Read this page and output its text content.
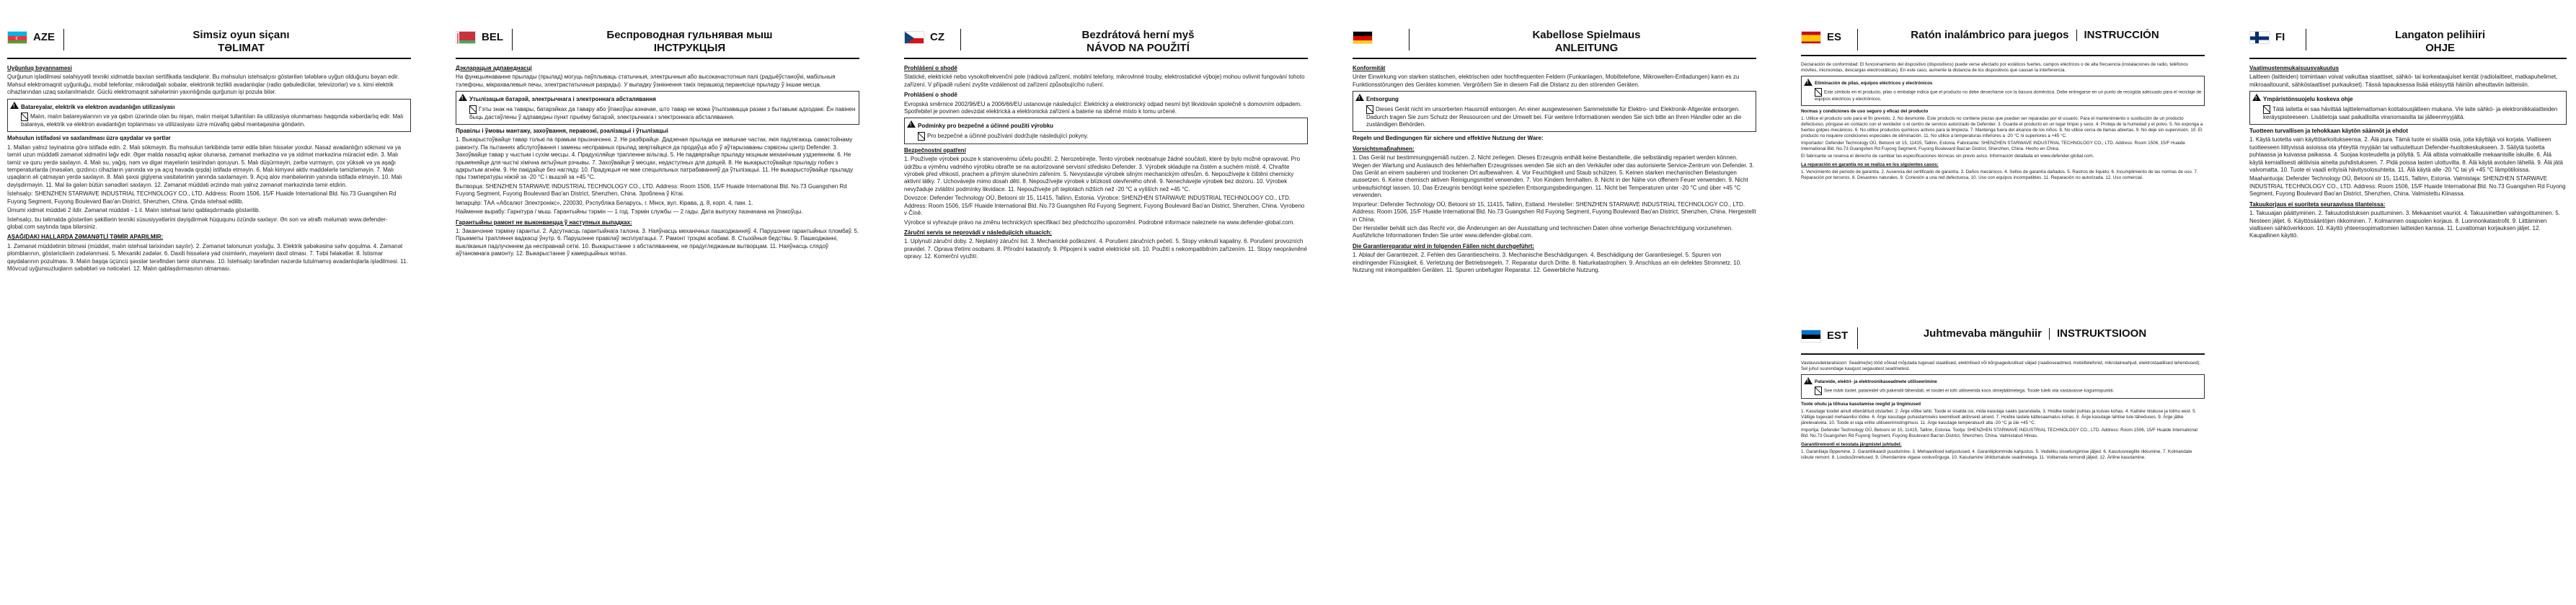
AZE	Simsiz oyun siçanı
TƏLIMAT

Uyğunluq bəyannaməsi

Qurğunun işlədilməsi səlahiyyətli texniki xidmətdə baxılan sertifikatla təsdiqlənir. Bu məhsulun istehsalçısı göstərilən tələblərə uyğun olduğunu bəyan edir. Məhsul elektromaqnit uyğunluğu, mobil telefonlar, mikrodalğalı sobalar, elektronik tezlikli avadanlıqlar (radio qəbuledicilər, televizorlar) və s. kimi elektrik cihazlarından uzaq saxlanılmalıdır. Güclü elektromaqnit sahələrinin yaxınlığında qurğunun işi pozula bilər.

!

Batareyalar, elektrik və elektron avadanlığın utilizasiyası

Malın, malın batareyalarının və ya qabın üzərində olan bu nişan, malın məişət tullantıları ilə utilizasiya olunmaması haqqında xəbərdarlıq edir. Malı batareya, elektrik və elektron avadanlığın toplanması və utilizasiyası üzrə müvafiq qəbul məntəqəsinə göndərin.

Məhsulun istifadəsi və saxlanılması üzrə qaydalar və şərtlər

1. Malları yalnız təyinatına görə istifadə edin. 2. Malı sökməyin. Bu məhsulun tərkibində təmir edilə bilən hissələr yoxdur. Nasaz avadanlığın sökməsi və ya təmiri uzun müddətli zəmanət xidmətini ləğv edir. Əgər malda nasazlıq aşkar olunarsa, zəmanət mərkəzinə və ya xidmət mərkəzinə müraciət edin. 3. Malı təmiz və quru yerdə saxlayın. 4. Malı su, yağış, nəm və digər mayelərin təsirindən qoruyun. 5. Malı düşürməyin, zərbə vurmayın, çox yüksək və ya aşağı temperaturlarda (məsələn, qızdırıcı cihazların yanında və ya açıq havada qışda) istifadə etməyin. 6. Malı kimyəvi aktiv maddələrlə təmizləməyin. 7. Malı uşaqların əli çatmayan yerdə saxlayın. 8. Malı şəxsi gigiyena vasitələrinin yanında saxlamayın. 9. Açıq alov mənbələrinin yanında istifadə etməyin. 10. Malı dəyişdirməyin. 11. Mal ilə gələn bütün sənədləri saxlayın. 12. Zəmanət müddəti ərzində malı yalnız zəmanət mərkəzində təmir etdirin.

İstehsalçı: SHENZHEN STARWAVE INDUSTRIAL TECHNOLOGY CO., LTD. Address: Room 1506, 15/F Huaide International Bld. No.73 Guangshen Rd Fuyong Segment, Fuyong Boulevard Bao'an District, Shenzhen, China. Çinda istehsal edilib.

Ümumi xidmət müddəti 2 ildir. Zəmanət müddəti - 1 il. Malın istehsal tarixi qablaşdırmada göstərilib.

İstehsalçı, bu təlimatda göstərilən şəkillərin texniki xüsusiyyətlərini dəyişdirmək hüququnu özündə saxlayır. Ən son və ətraflı məlumatı www.defender-global.com saytında tapa bilərsiniz.

AŞAĞIDAKI HALLARDA ZƏMANƏTLİ TƏMİR APARILMIR:

1. Zəmanət müddətinin bitməsi (müddət, malın istehsal tarixindən sayılır). 2. Zəmanət talonunun yoxluğu. 3. Elektrik şəbəkəsinə səhv qoşulma. 4. Zəmanət plomblarının, göstəricilərin zədələnməsi. 5. Mexaniki zədələr. 6. Daxili hissələrə yad cisimlərin, mayelərin daxil olması. 7. Təbii fəlakətlər. 8. İstismar qaydalarının pozulması. 9. Malın başqa üçüncü şəxslər tərəfindən təmir olunması. 10. İstehsalçı tərəfindən nəzərdə tutulmamış avadanlıqlarla işlədilməsi. 11. Mövcud uyğunsuzluqların səbəbləri və nəticələri. 12. Malın qablaşdırmasının olmaması.

BEL	Беспроводная гульнявая мыш
ІНСТРУКЦЫЯ

Дэкларацыя адпаведнасці

На функцыянаванне прылады (прылад) могуць паўплываць статычныя, электрычныя або высокачастотныя палі (радыёўстаноўкі, мабільныя тэлефоны, мікрахвалевыя печы, электрастатычныя разрады). У выпадку ўзнікнення такіх перашкод перанясіце прыладу ў іншае месца.

!

Утылізацыя батарэй, электрычнага і электроннага абсталявання

Гэты знак на тавары, батарэйках да тавару або ўпакоўцы азначае, што тавар не можа ўтылізавацца разам з бытавымі адходамі. Ён павінен быць дастаўлены ў адпаведны пункт прыёму батарэй, электрычнага і электроннага абсталявання.

Правілы і ўмовы мантажу, захоўвання, перавозкі, рэалізацыі і ўтылізацыі

1. Выкарыстоўвайце тавар толькі па прамым прызначэнні. 2. Не разбірайце. Дадзеная прылада не змяшчае частак, якія падлягаюць самастойнаму рамонту. Па пытаннях абслугоўвання і замены несправных прылад звяртайцеся да продаўца або ў аўтарызаваны сэрвісны цэнтр Defender. 3. Захоўвайце тавар у чыстым і сухім месцы. 4. Прадухіляйце трапленне вільгаці. 5. Не падвяргайце прыладу моцным механічным уздзеянням. 6. Не прымяняйце для чысткі хімічна актыўныя рэчывы. 7. Захоўвайце ў месцах, недаступных для дзяцей. 8. Не выкарыстоўвайце прыладу побач з адкрытым агнём. 9. Не пакідайце без нагляду. 10. Прадукцыя не мае спецыяльных патрабаванняў да ўтылізацыі. 11. Не выкарыстоўвайце прыладу пры тэмпературы ніжэй за -20 °C і вышэй за +45 °C.

Вытворца: SHENZHEN STARWAVE INDUSTRIAL TECHNOLOGY CO., LTD. Address: Room 1506, 15/F Huaide International Bld. No.73 Guangshen Rd Fuyong Segment, Fuyong Boulevard Bao'an District, Shenzhen, China. Зроблена ў Кітаі.

Імпарцёр: ТАА «Абсалют Электронікс», 220030, Рэспубліка Беларусь, г. Мінск, вул. Кірава, д. 8, корп. 4, пам. 1.

Найменне вырабу: Гарнітура / мыш. Гарантыйны тэрмін — 1 год. Тэрмін службы — 2 гады. Дата выпуску пазначана на ўпакоўцы.

Гарантыйны рамонт не выконваецца ў наступных выпадках:

1. Заканчэнне тэрміну гарантыі. 2. Адсутнасць гарантыйнага талона. 3. Наяўнасць механічных пашкоджанняў. 4. Парушэнне гарантыйных пломбаў. 5. Прыкметы трапляння вадкасці ўнутр. 6. Парушэнне правілаў эксплуатацыі. 7. Рамонт трэцімі асобамі. 8. Стыхійныя бедствы. 9. Пашкоджанні, выкліканыя падлучэннем да несправнай сеткі. 10. Выкарыстанне з абсталяваннем, не прадугледжаным вытворцам. 11. Наяўнасць слядоў аўтаномнага рамонту. 12. Выкарыстанне ў камерцыйных мэтах.

CZ	Bezdrátová herní myš
NÁVOD NA POUŽITÍ

Prohlášení o shodě

Statické, elektrické nebo vysokofrekvenční pole (rádiová zařízení, mobilní telefony, mikrovlnné trouby, elektrostatické výboje) mohou ovlivnit fungování tohoto zařízení. V případě rušení zvyšte vzdálenost od zařízení způsobujícího rušení.

Prohlášení o shodě

Evropská směrnice 2002/96/EU a 2006/66/EU ustanovuje následující: Elektrický a elektronický odpad nesmí být likvidován společně s domovním odpadem. Spotřebitel je povinen odevzdat elektrická a elektronická zařízení a baterie na sběrné místo k tomu určené.

!

Podmínky pro bezpečné a účinné použití výrobku

Pro bezpečné a účinné používání dodržujte následující pokyny.

Bezpečnostní opatření

1. Používejte výrobek pouze k stanovenému účelu použití. 2. Nerozebírejte. Tento výrobek neobsahuje žádné součásti, které by bylo možné opravovat. Pro údržbu a výměnu vadného výrobku obraťte se na autorizované servisní středisko Defender. 3. Výrobek skladujte na čistém a suchém místě. 4. Chraňte výrobek před vlhkostí, prachem a přímým slunečním zářením. 5. Nevystavujte výrobek silným mechanickým otřesům. 6. Nepoužívejte k čištění chemicky aktivní látky. 7. Uchovávejte mimo dosah dětí. 8. Nepoužívejte výrobek v blízkosti otevřeného ohně. 9. Nenechávejte výrobek bez dozoru. 10. Výrobek nevyžaduje zvláštní podmínky likvidace. 11. Nepoužívejte při teplotách nižších než -20 °C a vyšších než +45 °C.

Dovozce: Defender Technology OÜ, Betooni str 15, 11415, Tallinn, Estonia. Výrobce: SHENZHEN STARWAVE INDUSTRIAL TECHNOLOGY CO., LTD. Address: Room 1506, 15/F Huaide International Bld. No.73 Guangshen Rd Fuyong Segment, Fuyong Boulevard Bao'an District, Shenzhen, China. Vyrobeno v Číně.

Výrobce si vyhrazuje právo na změnu technických specifikací bez předchozího upozornění. Podrobné informace naleznete na www.defender-global.com.

Záruční servis se neprovádí v následujících situacích:

1. Uplynutí záruční doby. 2. Neplatný záruční list. 3. Mechanické poškození. 4. Porušení záručních pečetí. 5. Stopy vniknutí kapaliny. 6. Porušení provozních pravidel. 7. Oprava třetími osobami. 8. Přírodní katastrofy. 9. Připojení k vadné elektrické síti. 10. Použití s nekompatibilním zařízením. 11. Stopy neoprávněné opravy. 12. Komerční využití.

Kabellose Spielmaus
ANLEITUNG

Konformität

Unter Einwirkung von starken statischen, elektrischen oder hochfrequenten Feldern (Funkanlagen, Mobiltelefone, Mikrowellen-Entladungen) kann es zu Funktionsstörungen des Gerätes kommen. Vergrößern Sie in diesem Fall die Distanz zu den störenden Geräten.

!

Entsorgung

Dieses Gerät nicht im unsortierten Hausmüll entsorgen. An einer ausgewiesenen Sammelstelle für Elektro- und Elektronik-Altgeräte entsorgen. Dadurch tragen Sie zum Schutz der Ressourcen und der Umwelt bei. Für weitere Informationen wenden Sie sich bitte an Ihren Händler oder an die zuständigen Behörden.

Regeln und Bedingungen für sichere und effektive Nutzung der Ware:

Vorsichtsmaßnahmen:

1. Das Gerät nur bestimmungsgemäß nutzen. 2. Nicht zerlegen. Dieses Erzeugnis enthält keine Bestandteile, die selbständig repariert werden können. Wegen der Wartung und Austausch des fehlerhaften Erzeugnisses wenden Sie sich an den Verkäufer oder das autorisierte Service-Zentrum von Defender. 3. Das Gerät an einem sauberen und trockenen Ort aufbewahren. 4. Vor Feuchtigkeit und Staub schützen. 5. Keinen starken mechanischen Belastungen aussetzen. 6. Keine chemisch aktiven Reinigungsmittel verwenden. 7. Von Kindern fernhalten. 8. Nicht in der Nähe von offenem Feuer verwenden. 9. Nicht unbeaufsichtigt lassen. 10. Das Erzeugnis benötigt keine speziellen Entsorgungsbedingungen. 11. Nicht bei Temperaturen unter -20 °C und über +45 °C verwenden.

Importeur: Defender Technology OÜ, Betooni str 15, 11415, Tallinn, Estland. Hersteller: SHENZHEN STARWAVE INDUSTRIAL TECHNOLOGY CO., LTD. Address: Room 1506, 15/F Huaide International Bld. No.73 Guangshen Rd Fuyong Segment, Fuyong Boulevard Bao'an District, Shenzhen, China. Hergestellt in China.

Der Hersteller behält sich das Recht vor, die Änderungen an der Ausstattung und technischen Daten ohne vorherige Benachrichtigung vorzunehmen. Ausführliche Informationen finden Sie unter www.defender-global.com.

Die Garantiereparatur wird in folgenden Fällen nicht durchgeführt:

1. Ablauf der Garantiezeit. 2. Fehlen des Garantiescheins. 3. Mechanische Beschädigungen. 4. Beschädigung der Garantiesiegel. 5. Spuren von eindringender Flüssigkeit. 6. Verletzung der Betriebsregeln. 7. Reparatur durch Dritte. 8. Naturkatastrophen. 9. Anschluss an ein defektes Stromnetz. 10. Nutzung mit inkompatiblen Geräten. 11. Spuren unbefugter Reparatur. 12. Gewerbliche Nutzung.

ES	Ratón inalámbrico para juegos INSTRUCCIÓN

Declaración de conformidad: El funcionamiento del dispositivo (dispositivos) puede verse afectado por estáticos fuertes, campos eléctricos o de alta frecuencia (instalaciones de radio, teléfonos móviles, microondas, descargas electrostáticas). En este caso, aumente la distancia de los dispositivos que causan la interferencia.

!

Eliminación de pilas, equipos eléctricos y electrónicos

Este símbolo en el producto, pilas o embalaje indica que el producto no debe desecharse con la basura doméstica. Debe entregarse en un punto de recogida adecuado para el reciclaje de equipos eléctricos y electrónicos.

Normas y condiciones de uso seguro y eficaz del producto

1. Utilice el producto solo para el fin previsto. 2. No desmonte. Este producto no contiene piezas que puedan ser reparadas por el usuario. Para el mantenimiento o sustitución de un producto defectuoso, póngase en contacto con el vendedor o el centro de servicio autorizado de Defender. 3. Guarde el producto en un lugar limpio y seco. 4. Proteja de la humedad y el polvo. 5. No exponga a fuertes golpes mecánicos. 6. No utilice productos químicos activos para la limpieza. 7. Mantenga fuera del alcance de los niños. 8. No utilice cerca de llamas abiertas. 9. No deje sin supervisión. 10. El producto no requiere condiciones especiales de eliminación. 11. No utilice a temperaturas inferiores a -20 °C ni superiores a +45 °C.

Importador: Defender Technology OÜ, Betooni str 15, 11415, Tallinn, Estonia. Fabricante: SHENZHEN STARWAVE INDUSTRIAL TECHNOLOGY CO., LTD. Address: Room 1506, 15/F Huaide International Bld. No.73 Guangshen Rd Fuyong Segment, Fuyong Boulevard Bao'an District, Shenzhen, China. Hecho en China.

El fabricante se reserva el derecho de cambiar las especificaciones técnicas sin previo aviso. Información detallada en www.defender-global.com.

La reparación en garantía no se realiza en los siguientes casos:

1. Vencimiento del periodo de garantía. 2. Ausencia del certificado de garantía. 3. Daños mecánicos. 4. Sellos de garantía dañados. 5. Rastros de líquido. 6. Incumplimiento de las normas de uso. 7. Reparación por terceros. 8. Desastres naturales. 9. Conexión a una red defectuosa. 10. Uso con equipos incompatibles. 11. Reparación no autorizada. 12. Uso comercial.

EST	Juhtmevaba mänguhiir INSTRUKTSIOON

Vastavusdeklaratsioon: Seadme(te) tööd võivad mõjutada tugevad staatilised, elektrilised või kõrgsageduslikud väljad (raadioseadmed, mobiiltelefonid, mikrolaineahjud, elektrostaatilised lahendused). Sel juhul suurendage kaugust segavatest seadmetest.

!

Patareide, elektri- ja elektroonikaseadmete utiliseerimine

See märk tootel, patareidel või pakendil tähendab, et toodet ei tohi utiliseerida koos olmejäätmetega. Toode tuleb viia vastavasse kogumispunkti.

Toote ohutu ja tõhusa kasutamise reeglid ja tingimused

1. Kasutage toodet ainult ettenähtud otstarbel. 2. Ärge võtke lahti. Toode ei sisalda osi, mida kasutaja saaks parandada. 3. Hoidke toodet puhtas ja kuivas kohas. 4. Kaitske niiskuse ja tolmu eest. 5. Vältige tugevaid mehaanilisi lööke. 6. Ärge kasutage puhastamiseks keemiliselt aktiivseid aineid. 7. Hoidke lastele kättesaamatus kohas. 8. Ärge kasutage lahtise tule läheduses. 9. Ärge jätke järelevalveta. 10. Toode ei vaja erilisi utiliseerimistingimusi. 11. Ärge kasutage temperatuuril alla -20 °C ja üle +45 °C.

Importija: Defender Technology OÜ, Betooni str 15, 11415, Tallinn, Estonia. Tootja: SHENZHEN STARWAVE INDUSTRIAL TECHNOLOGY CO., LTD. Address: Room 1506, 15/F Huaide International Bld. No.73 Guangshen Rd Fuyong Segment, Fuyong Boulevard Bao'an District, Shenzhen, China. Valmistatud Hiinas.

Garantiiremonti ei teostata järgmistel juhtudel:

1. Garantiiaja lõppemine. 2. Garantiikaardi puudumine. 3. Mehaanilised kahjustused. 4. Garantiiplommide kahjustus. 5. Vedeliku sissetungimise jäljed. 6. Kasutusreeglite rikkumine. 7. Kolmandate isikute remont. 8. Loodusõnnetused. 9. Ühendamine vigase vooluvõrguga. 10. Kasutamine ühildumatute seadmetega. 11. Volitamata remondi jäljed. 12. Äriline kasutamine.

FI	Langaton pelihiiri
OHJE

Vaatimustenmukaisuusvakuutus

Laitteen (laitteiden) toimintaan voivat vaikuttaa staattiset, sähkö- tai korkeataajuiset kentät (radiolaitteet, matkapuhelimet, mikroaaltouunit, sähköstaattiset purkaukset). Tässä tapauksessa lisää etäisyyttä häiriön aiheuttaviin laitteisiin.

!

Ympäristönsuojelu koskeva ohje

Tätä laitetta ei saa hävittää lajittelemattoman kotitalousjätteen mukana. Vie laite sähkö- ja elektroniikkalaitteiden keräyspisteeseen. Lisätietoja saat paikallisilta viranomaisilta tai jälleenmyyjältä.

Tuotteen turvallisen ja tehokkaan käytön säännöt ja ehdot

1. Käytä tuotetta vain käyttötarkoitukseensa. 2. Älä pura. Tämä tuote ei sisällä osia, joita käyttäjä voi korjata. Vialliseen tuotteeseen liittyvissä asioissa ota yhteyttä myyjään tai valtuutettuun Defender-huoltokeskukseen. 3. Säilytä tuotetta puhtaassa ja kuivassa paikassa. 4. Suojaa kosteudelta ja pölyltä. 5. Älä altista voimakkaille mekaanisille iskuille. 6. Älä käytä kemiallisesti aktiivisia aineita puhdistukseen. 7. Pidä poissa lasten ulottuvilta. 8. Älä käytä avotulen lähellä. 9. Älä jätä valvomatta. 10. Tuote ei vaadi erityisiä hävitysolosuhteita. 11. Älä käytä alle -20 °C tai yli +45 °C lämpötiloissa.

Maahantuoja: Defender Technology OÜ, Betooni str 15, 11415, Tallinn, Estonia. Valmistaja: SHENZHEN STARWAVE INDUSTRIAL TECHNOLOGY CO., LTD. Address: Room 1506, 15/F Huaide International Bld. No.73 Guangshen Rd Fuyong Segment, Fuyong Boulevard Bao'an District, Shenzhen, China. Valmistettu Kiinassa.

Takuukorjaus ei suoriteta seuraavissa tilanteissa:

1. Takuuajan päättyminen. 2. Takuutodistuksen puuttuminen. 3. Mekaaniset vauriot. 4. Takuusinettien vahingoittuminen. 5. Nesteen jäljet. 6. Käyttösääntöjen rikkominen. 7. Kolmannen osapuolen korjaus. 8. Luonnonkatastrofit. 9. Liittäminen vialliseen sähköverkkoon. 10. Käyttö yhteensopimattomien laitteiden kanssa. 11. Luvattoman korjauksen jäljet. 12. Kaupallinen käyttö.
